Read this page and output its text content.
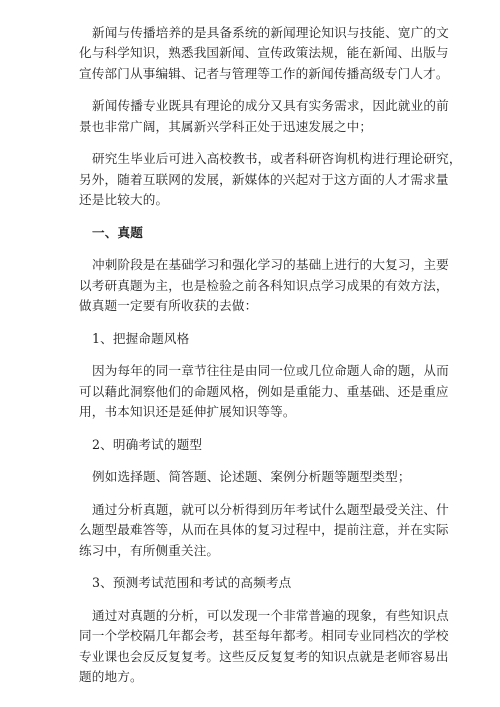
新闻与传播培养的是具备系统的新闻理论知识与技能、宽广的文
化与科学知识，熟悉我国新闻、宣传政策法规，能在新闻、出版与
宣传部门从事编辑、记者与管理等工作的新闻传播高级专门人才。
新闻传播专业既具有理论的成分又具有实务需求，因此就业的前
景也非常广阔，其属新兴学科正处于迅速发展之中；
研究生毕业后可进入高校教书，或者科研咨询机构进行理论研究，
另外，随着互联网的发展，新媒体的兴起对于这方面的人才需求量
还是比较大的。
一、真题
冲刺阶段是在基础学习和强化学习的基础上进行的大复习，主要
以考研真题为主，也是检验之前各科知识点学习成果的有效方法，
做真题一定要有所收获的去做：
1、把握命题风格
因为每年的同一章节往往是由同一位或几位命题人命的题，从而
可以藉此洞察他们的命题风格，例如是重能力、重基础、还是重应
用，书本知识还是延伸扩展知识等等。
2、明确考试的题型
例如选择题、简答题、论述题、案例分析题等题型类型；
通过分析真题，就可以分析得到历年考试什么题型最受关注、什
么题型最难答等，从而在具体的复习过程中，提前注意，并在实际
练习中，有所侧重关注。
3、预测考试范围和考试的高频考点
通过对真题的分析，可以发现一个非常普遍的现象，有些知识点
同一个学校隔几年都会考，甚至每年都考。相同专业同档次的学校
专业课也会反反复复考。这些反反复复考的知识点就是老师容易出
题的地方。
